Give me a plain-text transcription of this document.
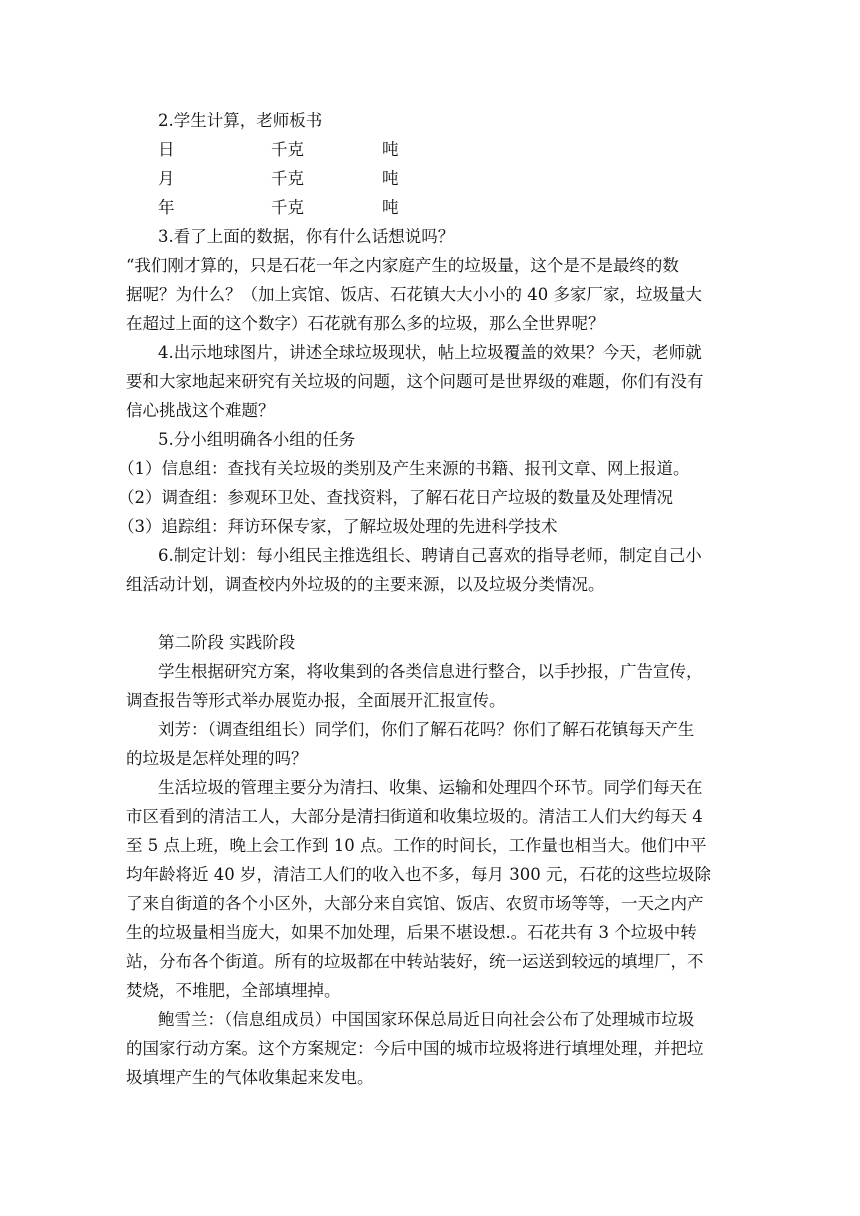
2.学生计算，老师板书
日	千克	吨
月	千克	吨
年	千克	吨
3.看了上面的数据，你有什么话想说吗？
“我们刚才算的，只是石花一年之内家庭产生的垃圾量，这个是不是最终的数
据呢？为什么？（加上宾馆、饭店、石花镇大大小小的 40 多家厂家，垃圾量大
在超过上面的这个数字）石花就有那么多的垃圾，那么全世界呢？
4.出示地球图片，讲述全球垃圾现状，帖上垃圾覆盖的效果？今天，老师就
要和大家地起来研究有关垃圾的问题，这个问题可是世界级的难题，你们有没有
信心挑战这个难题？
5.分小组明确各小组的任务
（1）信息组：查找有关垃圾的类别及产生来源的书籍、报刊文章、网上报道。
（2）调查组：参观环卫处、查找资料，了解石花日产垃圾的数量及处理情况
（3）追踪组：拜访环保专家，了解垃圾处理的先进科学技术
6.制定计划：每小组民主推选组长、聘请自己喜欢的指导老师，制定自己小
组活动计划，调查校内外垃圾的的主要来源，以及垃圾分类情况。
第二阶段 实践阶段
学生根据研究方案，将收集到的各类信息进行整合，以手抄报，广告宣传，
调查报告等形式举办展览办报，全面展开汇报宣传。
刘芳：（调查组组长）同学们，你们了解石花吗？你们了解石花镇每天产生
的垃圾是怎样处理的吗？
生活垃圾的管理主要分为清扫、收集、运输和处理四个环节。同学们每天在
市区看到的清洁工人，大部分是清扫街道和收集垃圾的。清洁工人们大约每天 4
至 5 点上班，晚上会工作到 10 点。工作的时间长，工作量也相当大。他们中平
均年龄将近 40 岁，清洁工人们的收入也不多，每月 300 元，石花的这些垃圾除
了来自街道的各个小区外，大部分来自宾馆、饭店、农贸市场等等，一天之内产
生的垃圾量相当庞大，如果不加处理，后果不堪设想.。石花共有 3 个垃圾中转
站，分布各个街道。所有的垃圾都在中转站装好，统一运送到较远的填埋厂，不
焚烧，不堆肥，全部填埋掉。
鲍雪兰：（信息组成员）中国国家环保总局近日向社会公布了处理城市垃圾
的国家行动方案。这个方案规定：今后中国的城市垃圾将进行填埋处理，并把垃
圾填埋产生的气体收集起来发电。
